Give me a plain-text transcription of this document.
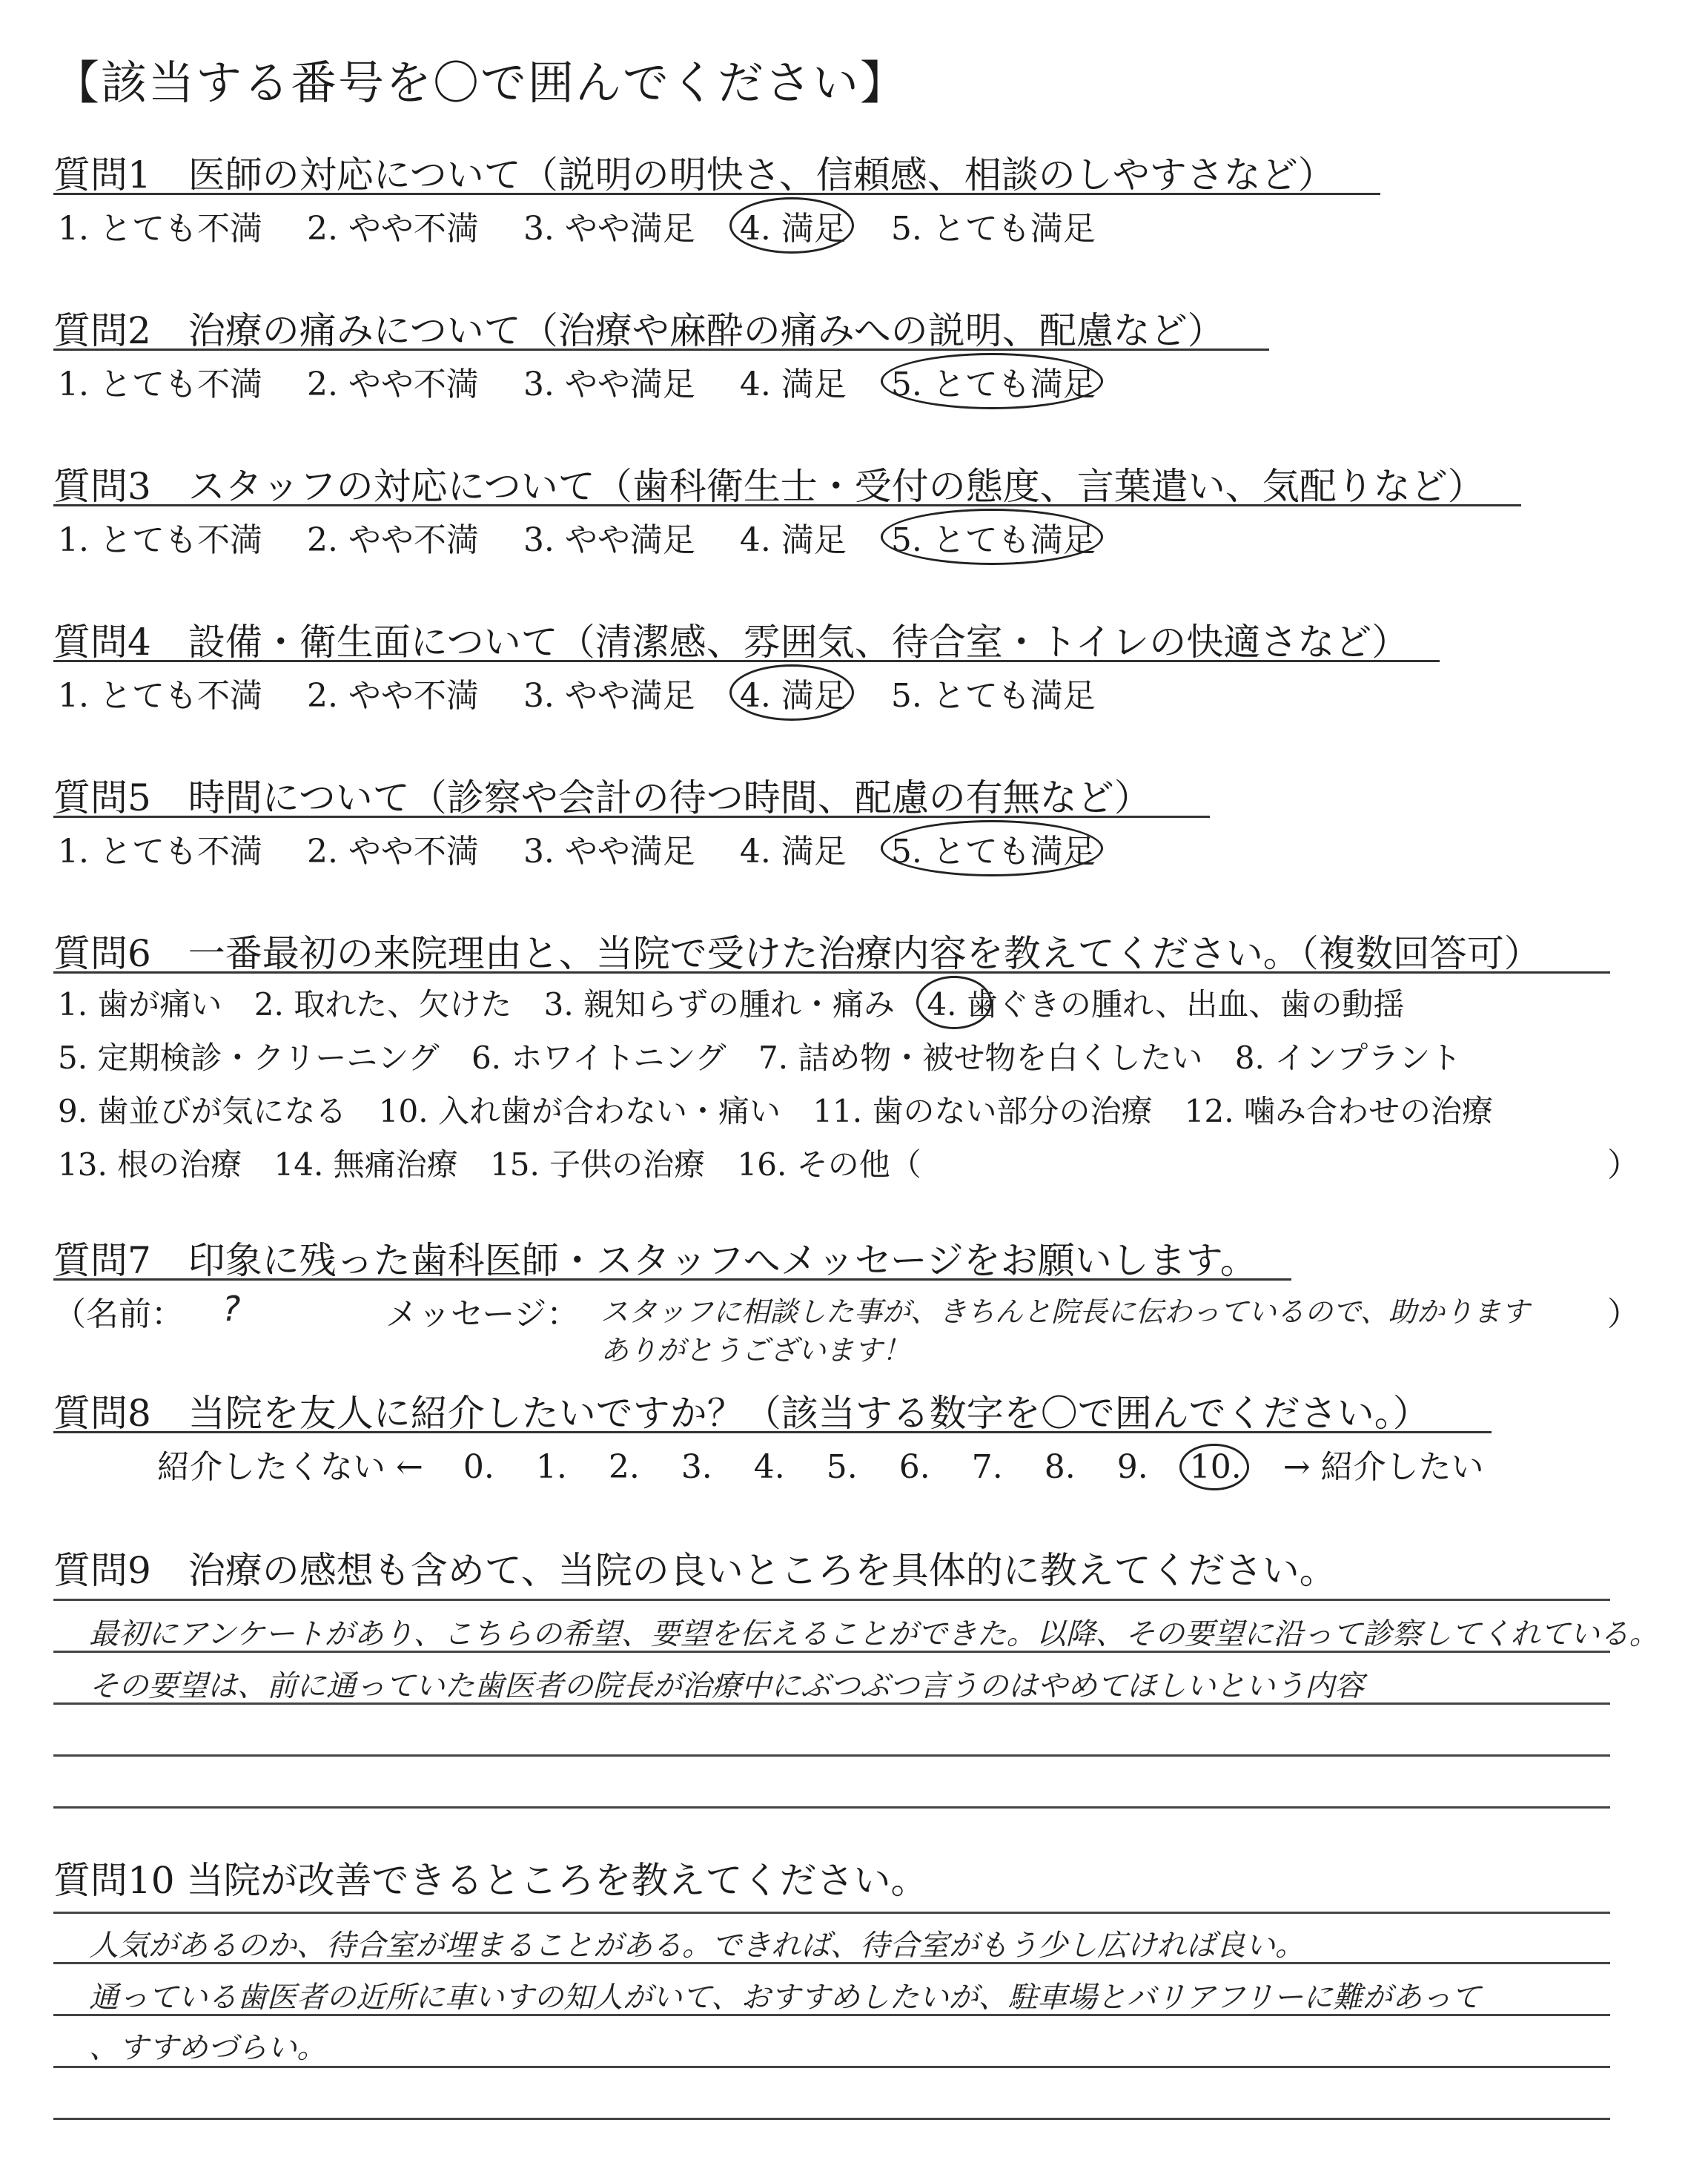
【該当する番号を〇で囲んでください】
質問1　医師の対応について（説明の明快さ、信頼感、相談のしやすさなど）
1. とても不満 2. やや不満 3. やや満足 4. 満足 5. とても満足
質問2　治療の痛みについて（治療や麻酔の痛みへの説明、配慮など）
1. とても不満 2. やや不満 3. やや満足 4. 満足 5. とても満足
質問3　スタッフの対応について（歯科衛生士・受付の態度、言葉遣い、気配りなど）
1. とても不満 2. やや不満 3. やや満足 4. 満足 5. とても満足
質問4　設備・衛生面について（清潔感、雰囲気、待合室・トイレの快適さなど）
1. とても不満 2. やや不満 3. やや満足 4. 満足 5. とても満足
質問5　時間について（診察や会計の待つ時間、配慮の有無など）
1. とても不満 2. やや不満 3. やや満足 4. 満足 5. とても満足
質問6　一番最初の来院理由と、当院で受けた治療内容を教えてください。（複数回答可）
1. 歯が痛い 2. 取れた、欠けた 3. 親知らずの腫れ・痛み 4. 歯ぐきの腫れ、出血、歯の動揺
5. 定期検診・クリーニング 6. ホワイトニング 7. 詰め物・被せ物を白くしたい 8. インプラント
9. 歯並びが気になる 10. 入れ歯が合わない・痛い 11. 歯のない部分の治療 12. 噛み合わせの治療
13. 根の治療 14. 無痛治療 15. 子供の治療 16. その他（	）
質問7　印象に残った歯科医師・スタッフへメッセージをお願いします。
（名前： ?	メッセージ： スタッフに相談した事が、きちんと院長に伝わっているので、助かります
ありがとうございます！
）
質問8　当院を友人に紹介したいですか？（該当する数字を〇で囲んでください。）
紹介したくない ← 0. 1. 2. 3. 4. 5. 6. 7. 8. 9. 10. → 紹介したい
質問9　治療の感想も含めて、当院の良いところを具体的に教えてください。
最初にアンケートがあり、こちらの希望、要望を伝えることができた。以降、その要望に沿って診察してくれている。
その要望は、前に通っていた歯医者の院長が治療中にぶつぶつ言うのはやめてほしいという内容
質問10 当院が改善できるところを教えてください。
人気があるのか、待合室が埋まることがある。できれば、待合室がもう少し広ければ良い。
通っている歯医者の近所に車いすの知人がいて、おすすめしたいが、駐車場とバリアフリーに難があって
、すすめづらい。
